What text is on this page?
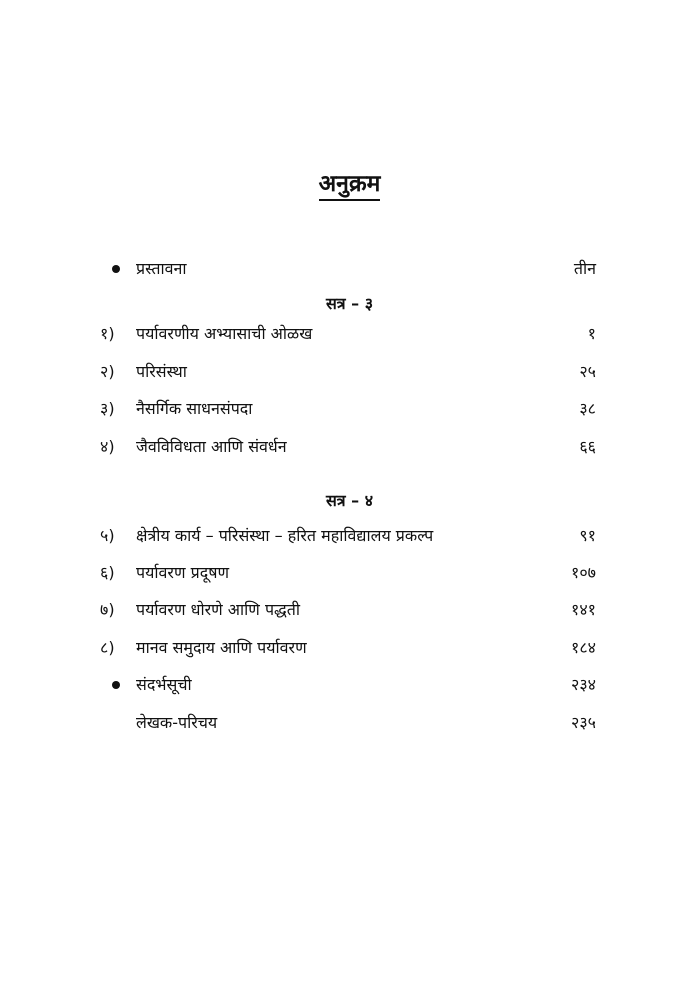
अनुक्रम
प्रस्तावना	तीन
सत्र – ३
१)	पर्यावरणीय अभ्यासाची ओळख	१
२)	परिसंस्था	२५
३)	नैसर्गिक साधनसंपदा	३८
४)	जैवविविधता आणि संवर्धन	६६
सत्र – ४
५)	क्षेत्रीय कार्य – परिसंस्था – हरित महाविद्यालय प्रकल्प	९१
६)	पर्यावरण प्रदूषण	१०७
७)	पर्यावरण धोरणे आणि पद्धती	१४१
८)	मानव समुदाय आणि पर्यावरण	१८४
संदर्भसूची	२३४
लेखक-परिचय	२३५
